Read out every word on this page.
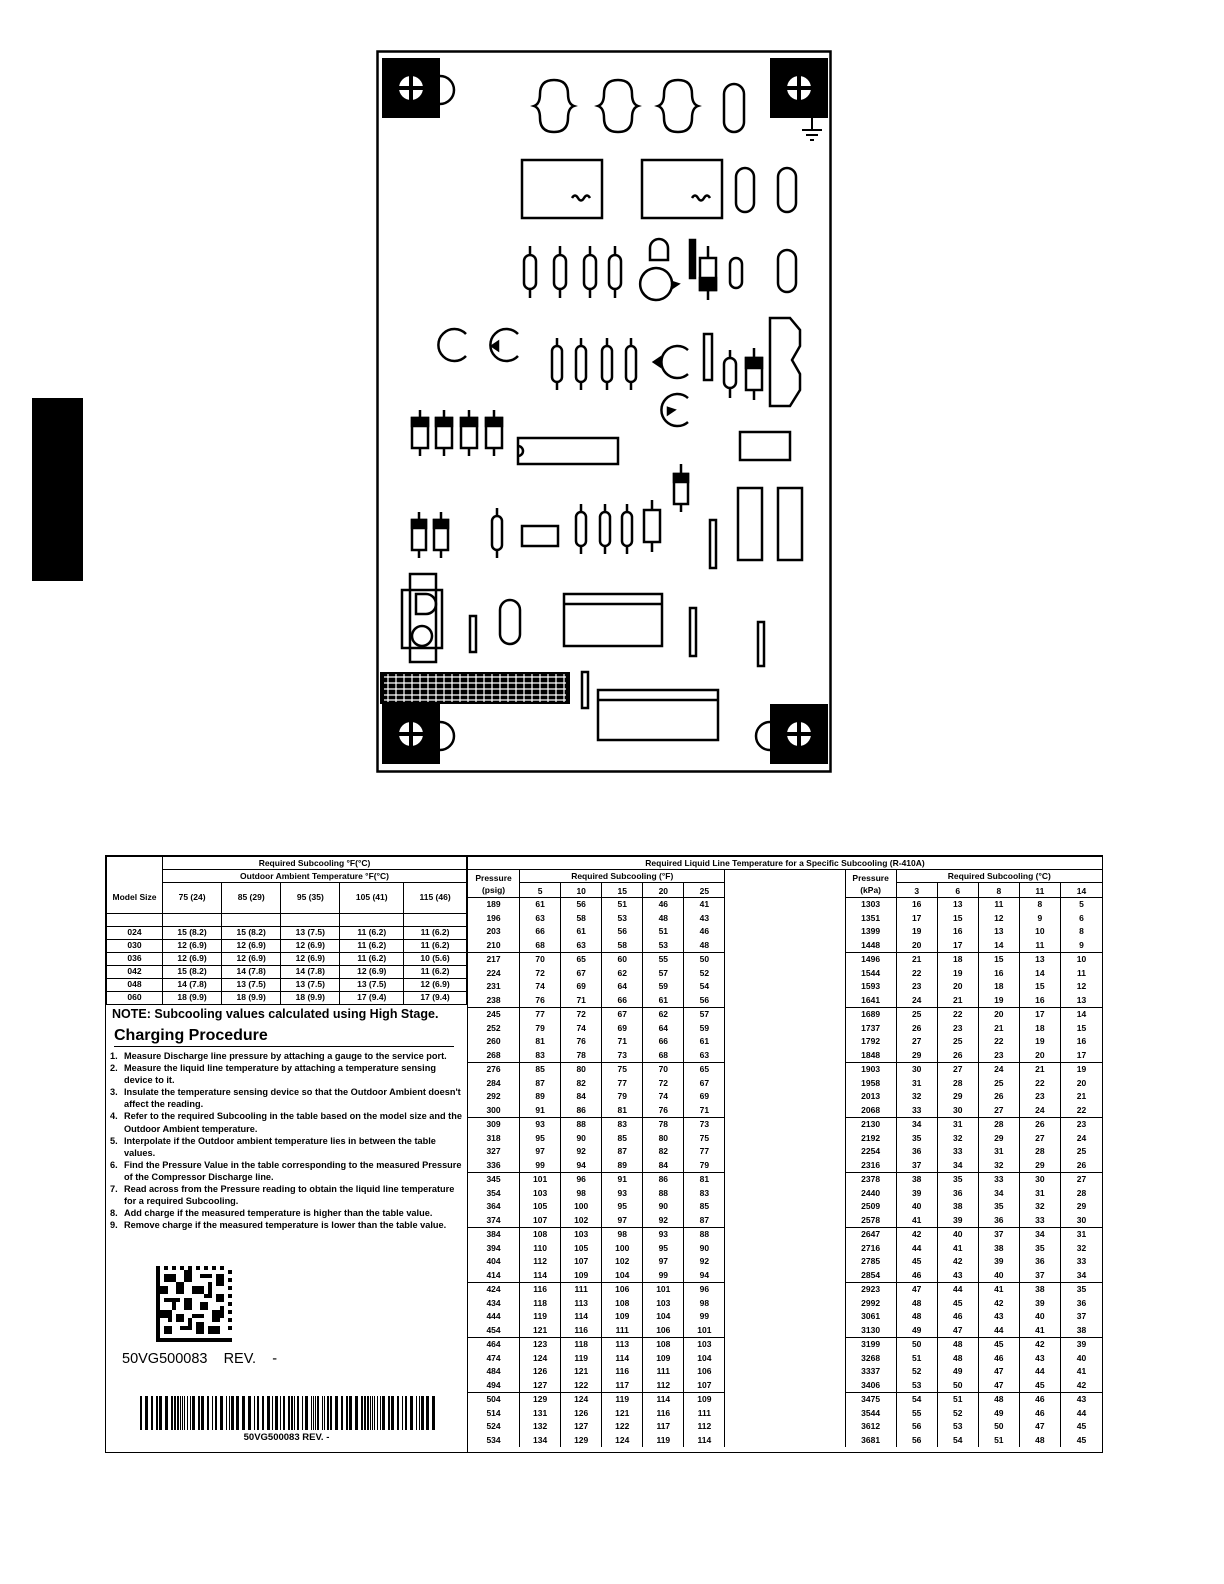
	Required Subcooling °F(°C)				
	Outdoor Ambient Temperature °F(°C)				
Model Size	75 (24)	85 (29)	95 (35)	105 (41)	115 (46)

024	15 (8.2)	15 (8.2)	13 (7.5)	11 (6.2)	11 (6.2)
030	12 (6.9)	12 (6.9)	12 (6.9)	11 (6.2)	11 (6.2)
036	12 (6.9)	12 (6.9)	12 (6.9)	11 (6.2)	10 (5.6)
042	15 (8.2)	14 (7.8)	14 (7.8)	12 (6.9)	11 (6.2)
048	14 (7.8)	13 (7.5)	13 (7.5)	13 (7.5)	12 (6.9)
060	18 (9.9)	18 (9.9)	18 (9.9)	17 (9.4)	17 (9.4)
NOTE: Subcooling values calculated using High Stage.
Charging Procedure
1. Measure Discharge line pressure by attaching a gauge to the service port.
2. Measure the liquid line temperature by attaching a temperature sensing device to it.
3. Insulate the temperature sensing device so that the Outdoor Ambient doesn't affect the reading.
4. Refer to the required Subcooling in the table based on the model size and the Outdoor Ambient temperature.
5. Interpolate if the Outdoor ambient temperature lies in between the table values.
6. Find the Pressure Value in the table corresponding to the measured Pressure of the Compressor Discharge line.
7. Read across from the Pressure reading to obtain the liquid line temperature for a required Subcooling.
8. Add charge if the measured temperature is higher than the table value.
9. Remove charge if the measured temperature is lower than the table value.
50VG500083    REV.    -
50VG500083 REV. -
Required Liquid Line Temperature for a Specific Subcooling (R-410A)												
Pressure
(psig)	Required Subcooling (°F)						Pressure
(kPa)	Required Subcooling (°C)				
	5	10	15	20	25			3	6	8	11	14
189	61	56	51	46	41		1303	16	13	11	8	5
196	63	58	53	48	43		1351	17	15	12	9	6
203	66	61	56	51	46		1399	19	16	13	10	8
210	68	63	58	53	48		1448	20	17	14	11	9
217	70	65	60	55	50		1496	21	18	15	13	10
224	72	67	62	57	52		1544	22	19	16	14	11
231	74	69	64	59	54		1593	23	20	18	15	12
238	76	71	66	61	56		1641	24	21	19	16	13
245	77	72	67	62	57		1689	25	22	20	17	14
252	79	74	69	64	59		1737	26	23	21	18	15
260	81	76	71	66	61		1792	27	25	22	19	16
268	83	78	73	68	63		1848	29	26	23	20	17
276	85	80	75	70	65		1903	30	27	24	21	19
284	87	82	77	72	67		1958	31	28	25	22	20
292	89	84	79	74	69		2013	32	29	26	23	21
300	91	86	81	76	71		2068	33	30	27	24	22
309	93	88	83	78	73		2130	34	31	28	26	23
318	95	90	85	80	75		2192	35	32	29	27	24
327	97	92	87	82	77		2254	36	33	31	28	25
336	99	94	89	84	79		2316	37	34	32	29	26
345	101	96	91	86	81		2378	38	35	33	30	27
354	103	98	93	88	83		2440	39	36	34	31	28
364	105	100	95	90	85		2509	40	38	35	32	29
374	107	102	97	92	87		2578	41	39	36	33	30
384	108	103	98	93	88		2647	42	40	37	34	31
394	110	105	100	95	90		2716	44	41	38	35	32
404	112	107	102	97	92		2785	45	42	39	36	33
414	114	109	104	99	94		2854	46	43	40	37	34
424	116	111	106	101	96		2923	47	44	41	38	35
434	118	113	108	103	98		2992	48	45	42	39	36
444	119	114	109	104	99		3061	48	46	43	40	37
454	121	116	111	106	101		3130	49	47	44	41	38
464	123	118	113	108	103		3199	50	48	45	42	39
474	124	119	114	109	104		3268	51	48	46	43	40
484	126	121	116	111	106		3337	52	49	47	44	41
494	127	122	117	112	107		3406	53	50	47	45	42
504	129	124	119	114	109		3475	54	51	48	46	43
514	131	126	121	116	111		3544	55	52	49	46	44
524	132	127	122	117	112		3612	56	53	50	47	45
534	134	129	124	119	114		3681	56	54	51	48	45
